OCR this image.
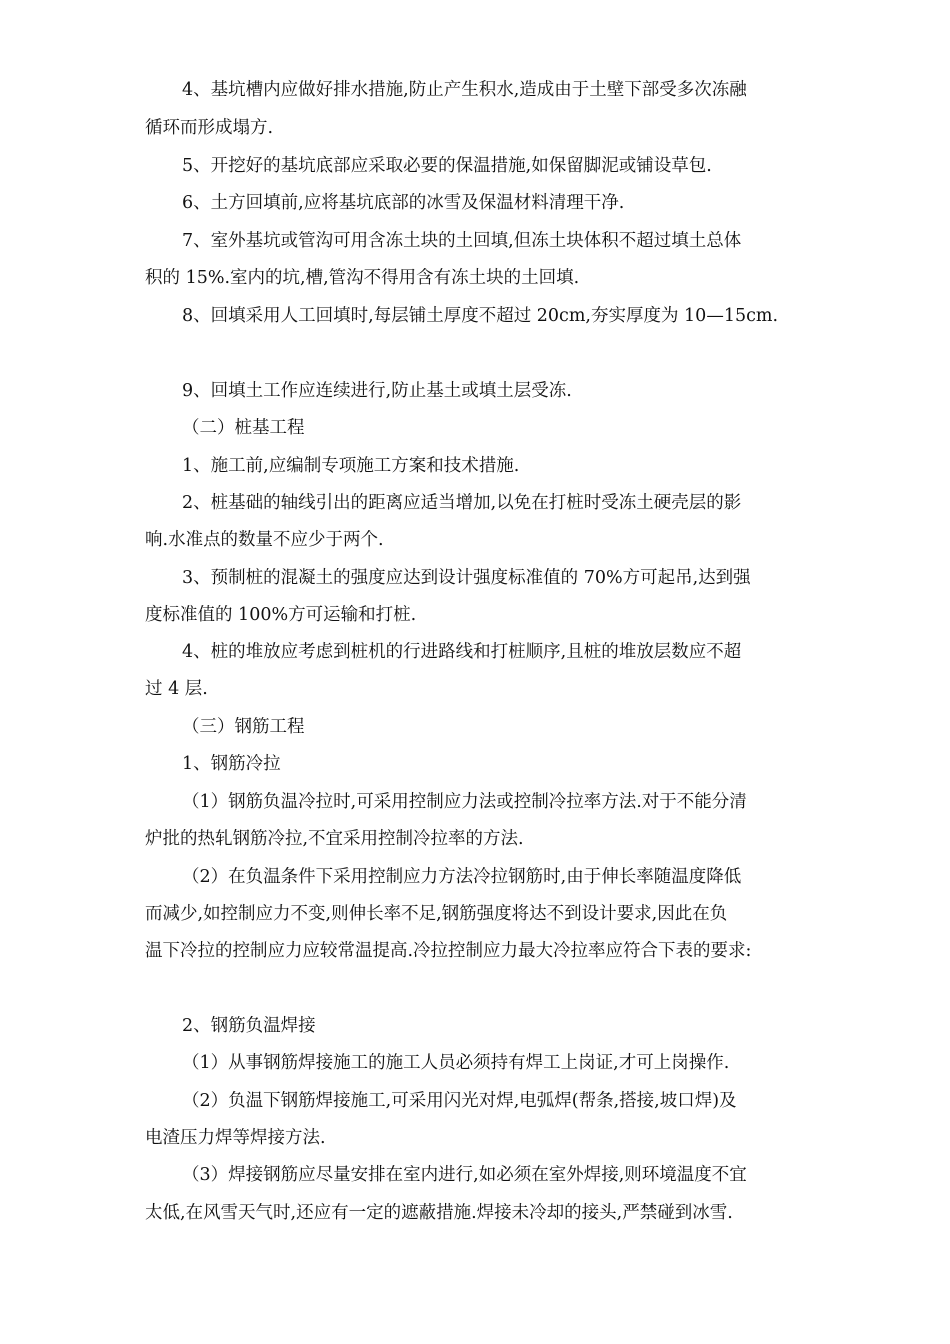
4、基坑槽内应做好排水措施,防止产生积水,造成由于土壁下部受多次冻融

循环而形成塌方.

5、开挖好的基坑底部应采取必要的保温措施,如保留脚泥或铺设草包.

6、土方回填前,应将基坑底部的冰雪及保温材料清理干净.

7、室外基坑或管沟可用含冻土块的土回填,但冻土块体积不超过填土总体

积的 15%.室内的坑,槽,管沟不得用含有冻土块的土回填.

8、回填采用人工回填时,每层铺土厚度不超过 20cm,夯实厚度为 10—15cm.

9、回填土工作应连续进行,防止基土或填土层受冻.

（二）桩基工程

1、施工前,应编制专项施工方案和技术措施.

2、桩基础的轴线引出的距离应适当增加,以免在打桩时受冻土硬壳层的影

响.水准点的数量不应少于两个.

3、预制桩的混凝土的强度应达到设计强度标准值的 70%方可起吊,达到强

度标准值的 100%方可运输和打桩.

4、桩的堆放应考虑到桩机的行进路线和打桩顺序,且桩的堆放层数应不超

过 4 层.

（三）钢筋工程

1、钢筋冷拉

（1）钢筋负温冷拉时,可采用控制应力法或控制冷拉率方法.对于不能分清

炉批的热轧钢筋冷拉,不宜采用控制冷拉率的方法.

（2）在负温条件下采用控制应力方法冷拉钢筋时,由于伸长率随温度降低

而减少,如控制应力不变,则伸长率不足,钢筋强度将达不到设计要求,因此在负

温下冷拉的控制应力应较常温提高.冷拉控制应力最大冷拉率应符合下表的要求:

2、钢筋负温焊接

（1）从事钢筋焊接施工的施工人员必须持有焊工上岗证,才可上岗操作.

（2）负温下钢筋焊接施工,可采用闪光对焊,电弧焊(帮条,搭接,坡口焊)及

电渣压力焊等焊接方法.

（3）焊接钢筋应尽量安排在室内进行,如必须在室外焊接,则环境温度不宜

太低,在风雪天气时,还应有一定的遮蔽措施.焊接未冷却的接头,严禁碰到冰雪.
